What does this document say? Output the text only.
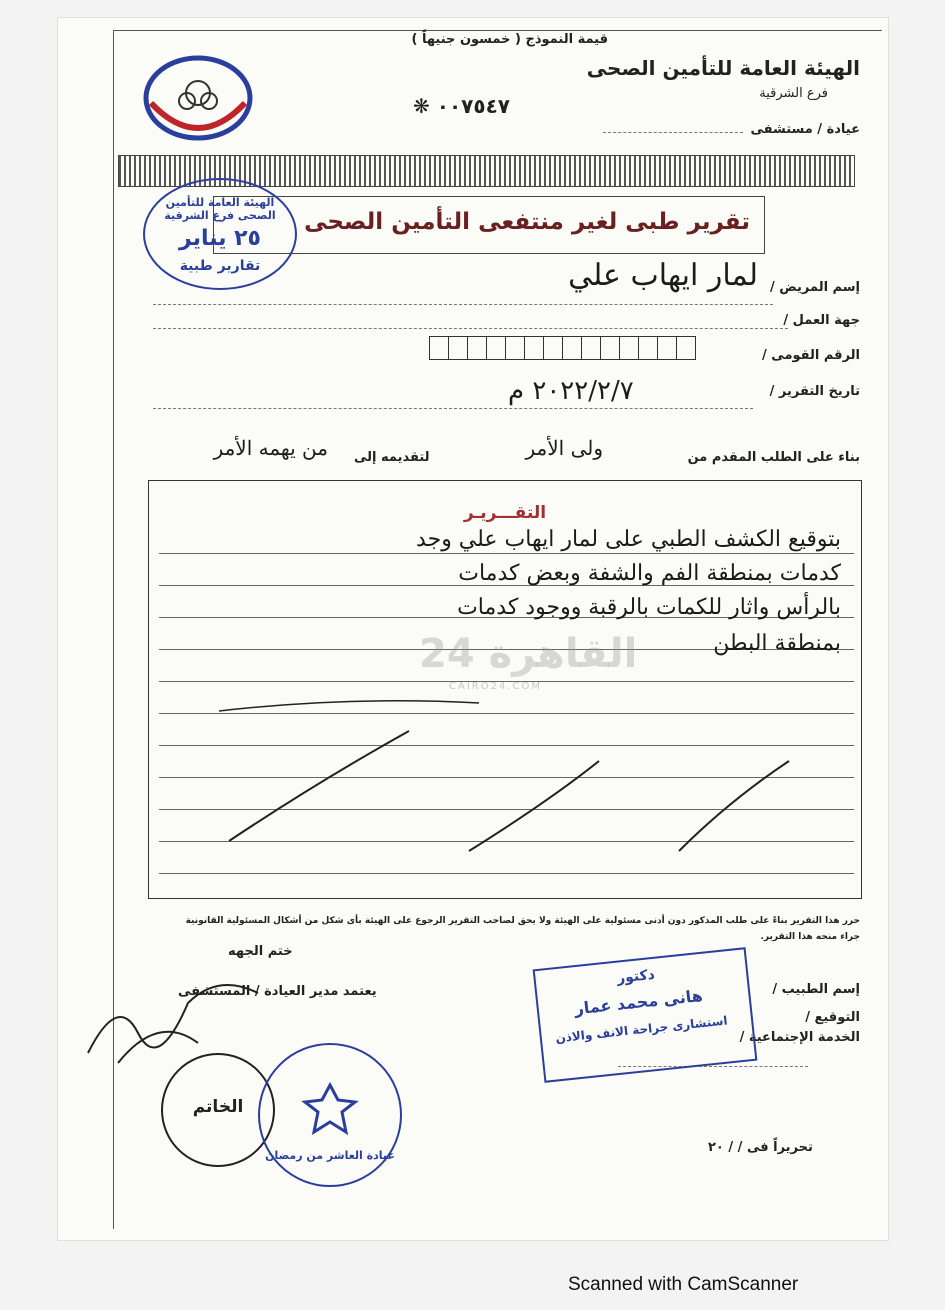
قيمة النموذج ( خمسون جنيهاً )
الهيئة العامة للتأمين الصحى
فرع الشرقية
٠٠٧٥٤٧ ❋
عيادة / مستشفى
تقرير طبى لغير منتفعى التأمين الصحى
الهيئة العامة للتأمين الصحى فرع الشرقية
٢٥ يناير
تقارير طبية
إسم المريض /
لمار ايهاب علي
جهة العمل /
الرقم القومى /
تاريخ التقرير /
٢٠٢٢/٢/٧ م
بناء على الطلب المقدم من
ولى الأمر
لتقديمه إلى
من يهمه الأمر
التقـــريـر
بتوقيع الكشف الطبي على لمار ايهاب علي وجد
كدمات بمنطقة الفم والشفة وبعض كدمات
بالرأس واثار للكمات بالرقبة ووجود كدمات
بمنطقة البطن
القاهرة 24
CAIRO24.COM
حرر هذا التقرير بناءً على طلب المذكور دون أدنى مسئولية على الهيئة ولا يحق لصاحب التقرير الرجوع على الهيئة بأى شكل من أشكال المسئولية القانونية
جراء منحه هذا التقرير.
ختم الجهه
يعتمد مدير العيادة / المستشفى	إسم الطبيب /
التوقيع /
الخدمة الإجتماعية /
دكتور
هانى محمد عمار
استشارى جراحة الانف والاذن
الخاتم
عيادة العاشر من رمضان
تحريراً فى / / ٢٠
Scanned with CamScanner
